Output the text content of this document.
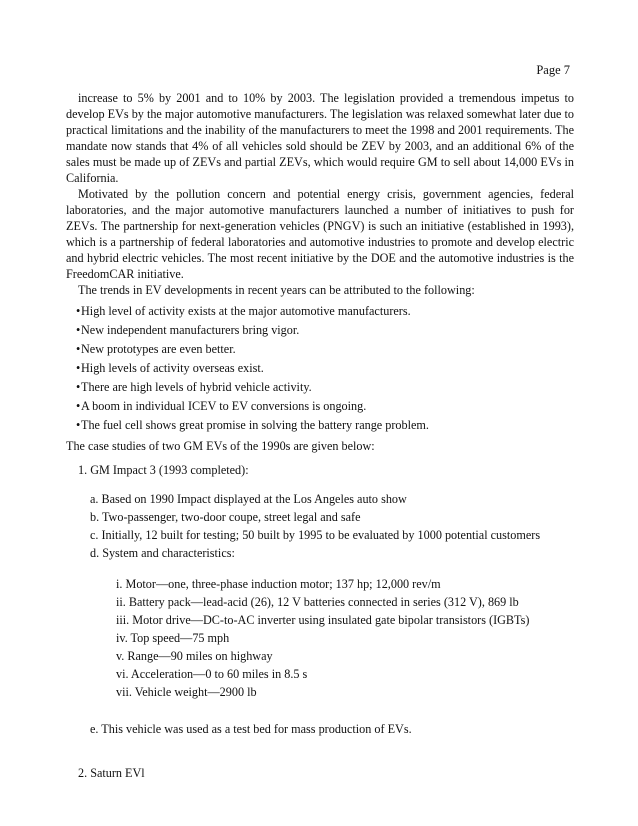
Page 7

increase to 5% by 2001 and to 10% by 2003. The legislation provided a tremendous impetus to develop EVs by the major automotive manufacturers. The legislation was relaxed somewhat later due to practical limitations and the inability of the manufacturers to meet the 1998 and 2001 requirements. The mandate now stands that 4% of all vehicles sold should be ZEV by 2003, and an additional 6% of the sales must be made up of ZEVs and partial ZEVs, which would require GM to sell about 14,000 EVs in California.

Motivated by the pollution concern and potential energy crisis, government agencies, federal laboratories, and the major automotive manufacturers launched a number of initiatives to push for ZEVs. The partnership for next-generation vehicles (PNGV) is such an initiative (established in 1993), which is a partnership of federal laboratories and automotive industries to promote and develop electric and hybrid electric vehicles. The most recent initiative by the DOE and the automotive industries is the FreedomCAR initiative.

The trends in EV developments in recent years can be attributed to the following:

•High level of activity exists at the major automotive manufacturers.
•New independent manufacturers bring vigor.
•New prototypes are even better.
•High levels of activity overseas exist.
•There are high levels of hybrid vehicle activity.
•A boom in individual ICEV to EV conversions is ongoing.
•The fuel cell shows great promise in solving the battery range problem.

The case studies of two GM EVs of the 1990s are given below:

1. GM Impact 3 (1993 completed):

a. Based on 1990 Impact displayed at the Los Angeles auto show
b. Two-passenger, two-door coupe, street legal and safe
c. Initially, 12 built for testing; 50 built by 1995 to be evaluated by 1000 potential customers
d. System and characteristics:
i. Motor—one, three-phase induction motor; 137 hp; 12,000 rev/m
ii. Battery pack—lead-acid (26), 12 V batteries connected in series (312 V), 869 lb
iii. Motor drive—DC-to-AC inverter using insulated gate bipolar transistors (IGBTs)
iv. Top speed—75 mph
v. Range—90 miles on highway
vi. Acceleration—0 to 60 miles in 8.5 s
vii. Vehicle weight—2900 lb

e. This vehicle was used as a test bed for mass production of EVs.

2. Saturn EVl
